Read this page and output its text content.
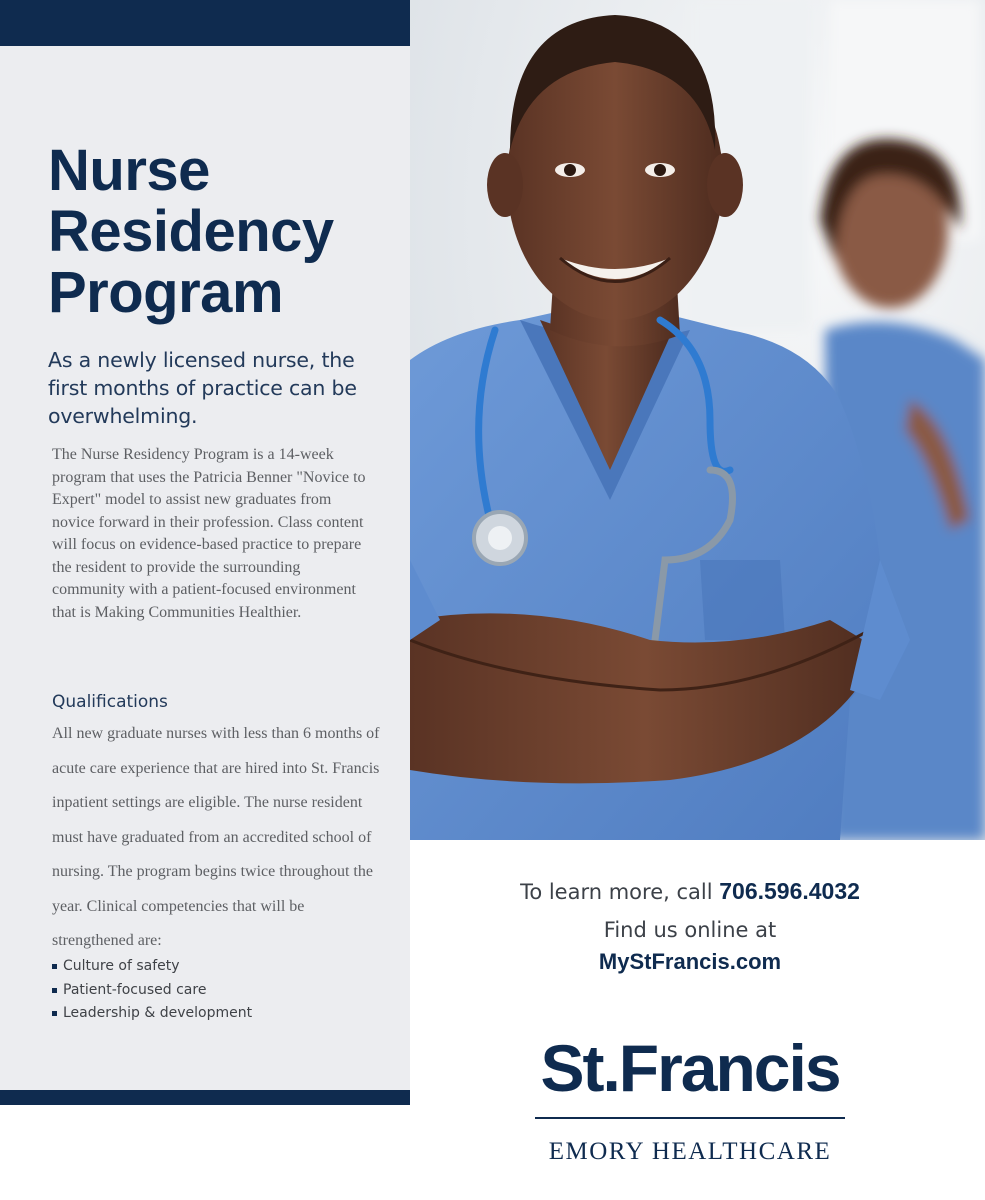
Nurse
Residency
Program
As a newly licensed nurse, the first months of practice can be overwhelming.
The Nurse Residency Program is a 14-week program that uses the Patricia Benner "Novice to Expert" model to assist new graduates from novice forward in their profession. Class content will focus on evidence-based practice to prepare the resident to provide the surrounding community with a patient-focused environment that is Making Communities Healthier.
Qualifications
All new graduate nurses with less than 6 months of acute care experience that are hired into St. Francis inpatient settings are eligible. The nurse resident must have graduated from an accredited school of nursing. The program begins twice throughout the year. Clinical competencies that will be strengthened are:
Culture of safety
Patient-focused care
Leadership & development
To learn more, call 706.596.4032
Find us online at
MyStFrancis.com
St.Francis
EMORY HEALTHCARE
